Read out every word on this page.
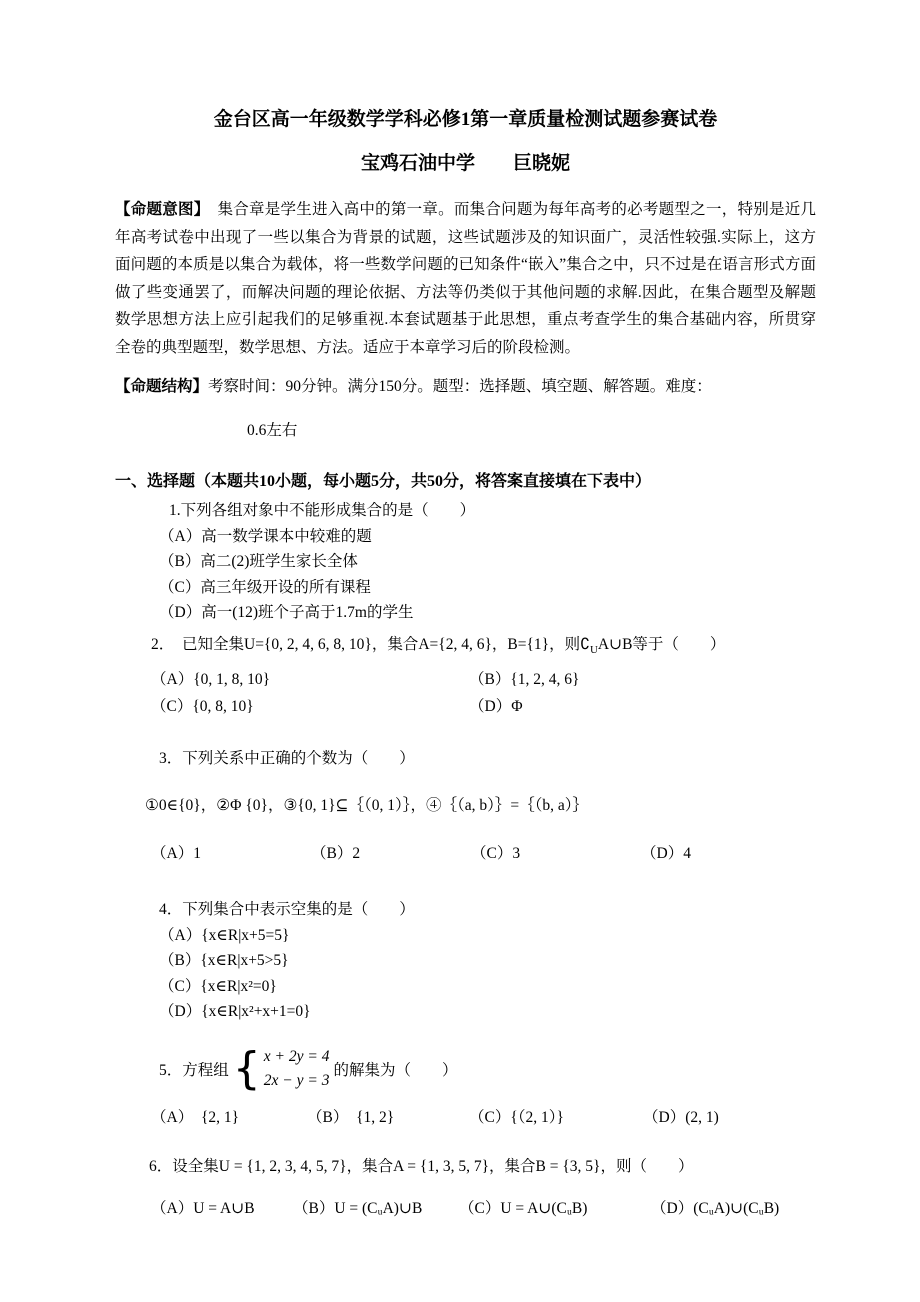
金台区高一年级数学学科必修1第一章质量检测试题参赛试卷
宝鸡石油中学　　巨晓妮

【命题意图】　集合章是学生进入高中的第一章。而集合问题为每年高考的必考题型之一，特别是近几年高考试卷中出现了一些以集合为背景的试题，这些试题涉及的知识面广，灵活性较强.实际上，这方面问题的本质是以集合为载体，将一些数学问题的已知条件“嵌入”集合之中，只不过是在语言形式方面做了些变通罢了，而解决问题的理论依据、方法等仍类似于其他问题的求解.因此，在集合题型及解题数学思想方法上应引起我们的足够重视.本套试题基于此思想，重点考查学生的集合基础内容，所贯穿全卷的典型题型，数学思想、方法。适应于本章学习后的阶段检测。

【命题结构】考察时间：90分钟。满分150分。题型：选择题、填空题、解答题。难度：

0.6左右

一、选择题（本题共10小题，每小题5分，共50分，将答案直接填在下表中）

1.下列各组对象中不能形成集合的是（　　）

（A）高一数学课本中较难的题

（B）高二(2)班学生家长全体

（C）高三年级开设的所有课程

（D）高一(12)班个子高于1.7m的学生

2．　已知全集U={0, 2, 4, 6, 8, 10}，集合A={2, 4, 6}，B={1}，则$∁_UA\cup B$等于（　　）

（A）{0, 1, 8, 10}	（B）{1, 2, 4, 6}
（C）{0, 8, 10}	（D）Φ

3．下列关系中正确的个数为（　　）

①0∈{0}，②Φ {0}，③{0, 1}⊆｛（0, 1）｝，④｛（a, b）｝=｛（b, a）｝

（A）1	（B）2	（C）3	（D）4

4．下列集合中表示空集的是（　　）

（A）{x∈R|x+5=5}

（B）{x∈R|x+5>5}

（C）{x∈R|x²=0}

（D）{x∈R|x²+x+1=0}

5．方程组 { x + 2y = 4
2x − y = 3
的解集为（　　）
（A）　{2, 1}	（B）　{1, 2}	（C）{（2, 1）}	（D）(2, 1)

6．设全集U = {1, 2, 3, 4, 5, 7}，集合A = {1, 3, 5, 7}，集合B = {3, 5}，则（　　）

（A）U = A∪B	（B）U = (CᵤA)∪B	（C）U = A∪(CᵤB)	（D）(CᵤA)∪(CᵤB)
